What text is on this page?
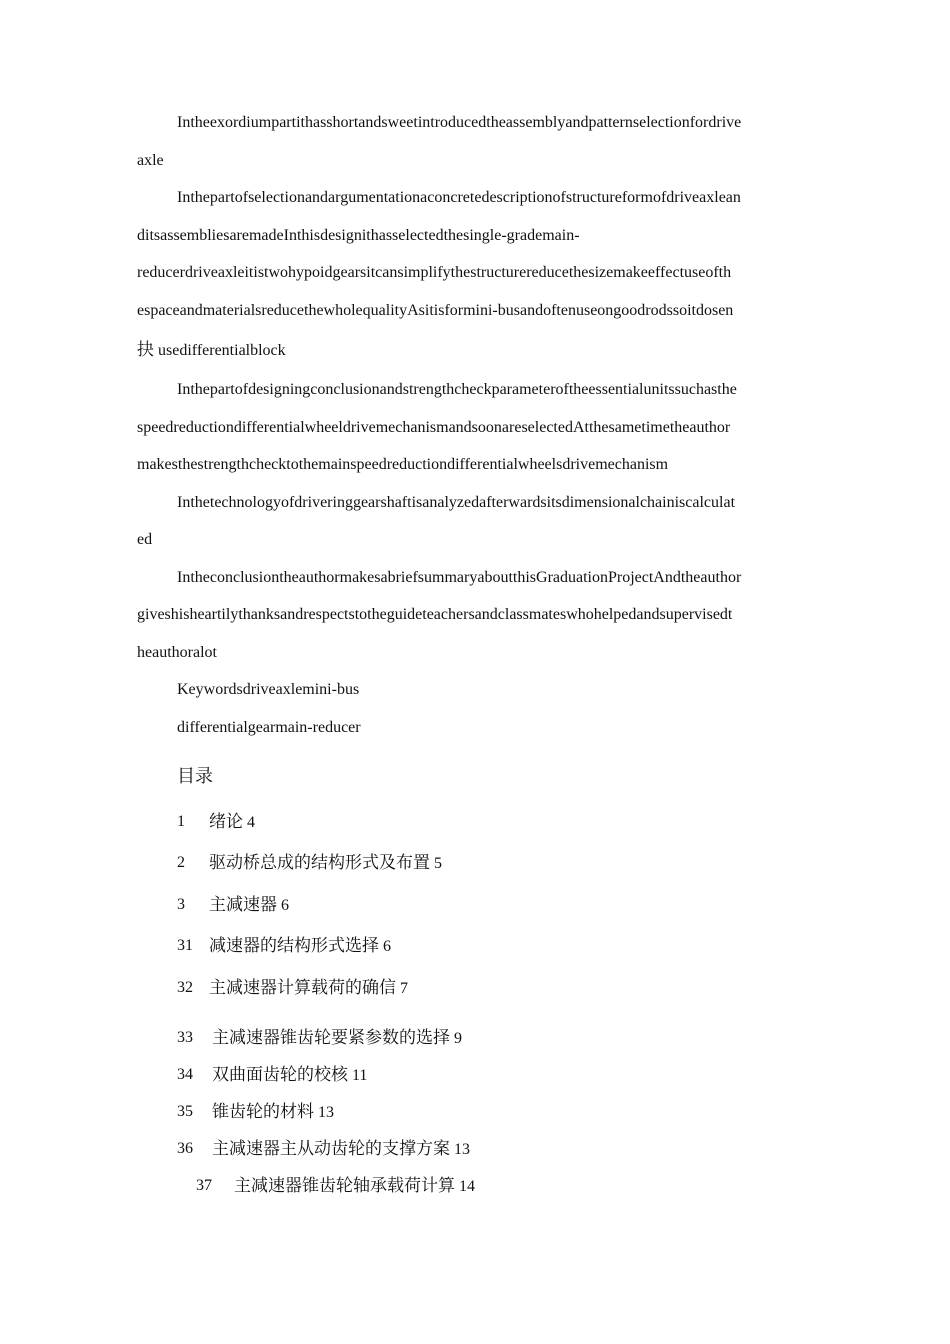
Intheexordiumpartithasshortandsweetintroducedtheassemblyandpatternselectionfordrive
axle
Inthepartofselectionandargumentationaconcretedescriptionofstructureformofdriveaxlean
ditsassembliesaremadeInthisdesignithasselectedthesingle-grademain-
reducerdriveaxleitistwohypoidgearsitcansimplifythestructurereducethesizemakeeffectuseofth
espaceandmaterialsreducethewholequalityAsitisformini-busandoftenuseongoodrodssoitdosen
抉 usedifferentialblock
Inthepartofdesigningconclusionandstrengthcheckparameteroftheessentialunitssuchasthe
speedreductiondifferentialwheeldrivemechanismandsoonareselectedAtthesametimetheauthor
makesthestrengthchecktothemainspeedreductiondifferentialwheelsdrivemechanism
Inthetechnologyofdriveringgearshaftisanalyzedafterwardsitsdimensionalchainiscalculat
ed
IntheconclusiontheauthormakesabriefsummaryaboutthisGraduationProjectAndtheauthor
giveshisheartilythanksandrespectstotheguideteachersandclassmateswhohelpedandsupervisedt
heauthoralot
Keywordsdriveaxlemini-bus
differentialgearmain-reducer
目录
1 绪论 4
2 驱动桥总成的结构形式及布置 5
3 主减速器 6
31 减速器的结构形式选择 6
32 主减速器计算载荷的确信 7
33 主减速器锥齿轮要紧参数的选择 9
34 双曲面齿轮的校核 11
35 锥齿轮的材料 13
36 主减速器主从动齿轮的支撑方案 13
37 主减速器锥齿轮轴承载荷计算 14
